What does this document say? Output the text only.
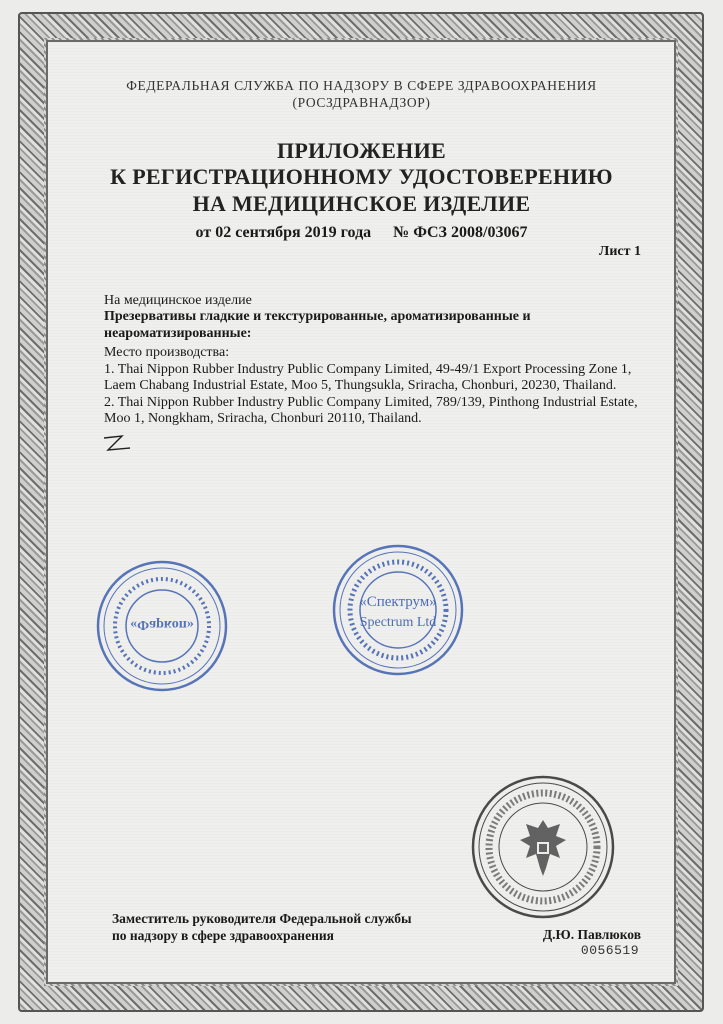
ФЕДЕРАЛЬНАЯ СЛУЖБА ПО НАДЗОРУ В СФЕРЕ ЗДРАВООХРАНЕНИЯ
(РОСЗДРАВНАДЗОР)
ПРИЛОЖЕНИЕ
К РЕГИСТРАЦИОННОМУ УДОСТОВЕРЕНИЮ
НА МЕДИЦИНСКОЕ ИЗДЕЛИЕ
от 02 сентября 2019 года № ФСЗ 2008/03067
Лист 1
На медицинское изделие
Презервативы гладкие и текстурированные, ароматизированные и
неароматизированные:
Место производства:
1. Thai Nippon Rubber Industry Public Company Limited, 49-49/1 Export Processing Zone 1,
Laem Chabang Industrial Estate, Moo 5, Thungsukla, Sriracha, Chonburi, 20230, Thailand.
2. Thai Nippon Rubber Industry Public Company Limited, 789/139, Pinthong Industrial Estate,
Moo 1, Nongkham, Sriracha, Chonburi 20110, Thailand.
«Фаркоп»
«Спектрум»
Spectrum Ltd
Заместитель руководителя Федеральной службы
по надзору в сфере здравоохранения	Д.Ю. Павлюков
0056519
